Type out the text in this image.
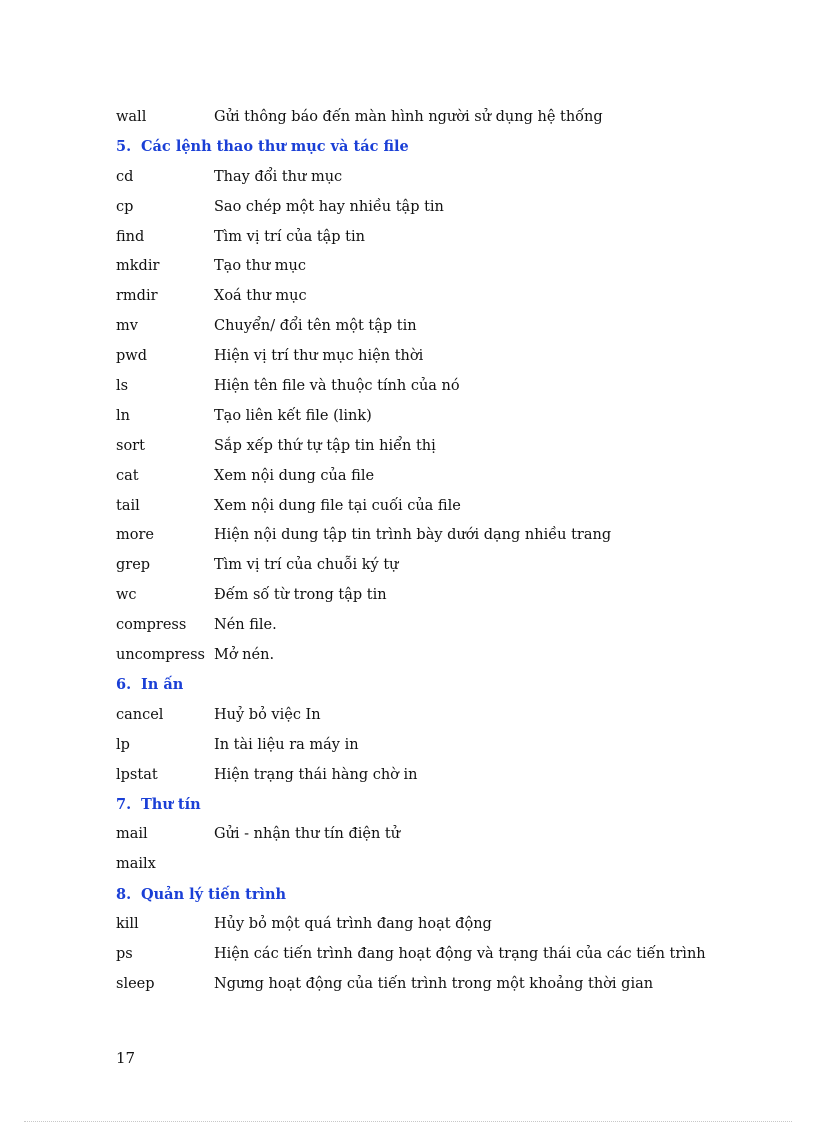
wall	Gửi thông báo đến màn hình người sử dụng hệ thống
5. Các lệnh thao thư mục và tác file
cd	Thay đổi thư mục
cp	Sao chép một hay nhiều tập tin
find	Tìm vị trí của tập tin
mkdir	Tạo thư mục
rmdir	Xoá thư mục
mv	Chuyển/ đổi tên một tập tin
pwd	Hiện vị trí thư mục hiện thời
ls	Hiện tên file và thuộc tính của nó
ln	Tạo liên kết file (link)
sort	Sắp xếp thứ tự tập tin hiển thị
cat	Xem nội dung của file
tail	Xem nội dung file tại cuối của file
more	Hiện nội dung tập tin trình bày dưới dạng nhiều trang
grep	Tìm vị trí của chuỗi ký tự
wc	Đếm số từ trong tập tin
compress	Nén file.
uncompress Mở nén.
6. In ấn
cancel	Huỷ bỏ việc In
lp	In tài liệu ra máy in
lpstat	Hiện trạng thái hàng chờ in
7. Thư tín
mail	Gửi - nhận thư tín điện tử
mailx
8. Quản lý tiến trình
kill	Hủy bỏ một quá trình đang hoạt động
ps	Hiện các tiến trình đang hoạt động và trạng thái của các tiến trình
sleep	Ngưng hoạt động của tiến trình trong một khoảng thời gian
17
